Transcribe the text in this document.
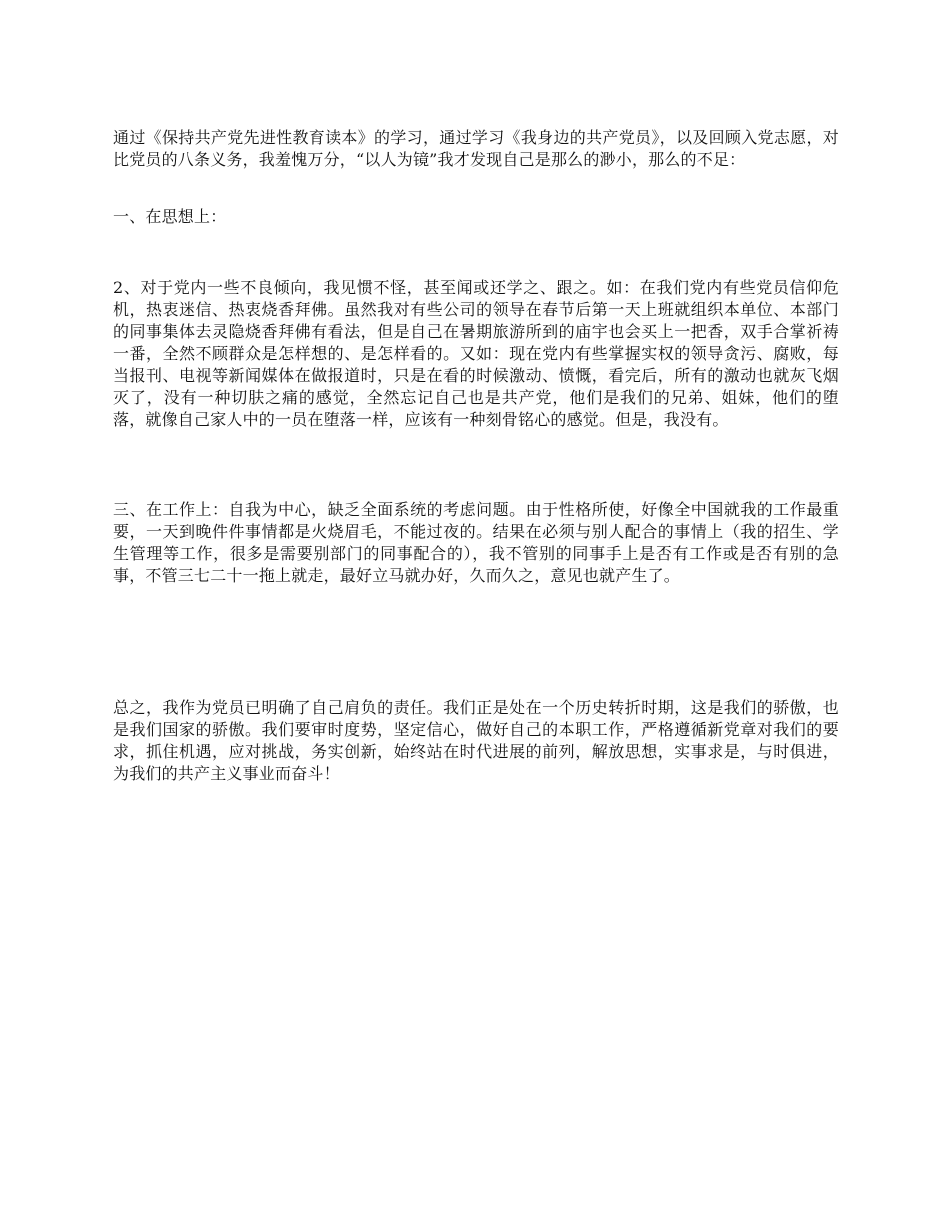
通过《保持共产党先进性教育读本》的学习，通过学习《我身边的共产党员》，以及回顾入党志愿，对比党员的八条义务，我羞愧万分，“以人为镜”我才发现自己是那么的渺小，那么的不足：

一、在思想上：

2、对于党内一些不良倾向，我见惯不怪，甚至闻或还学之、跟之。如：在我们党内有些党员信仰危机，热衷迷信、热衷烧香拜佛。虽然我对有些公司的领导在春节后第一天上班就组织本单位、本部门的同事集体去灵隐烧香拜佛有看法，但是自己在暑期旅游所到的庙宇也会买上一把香，双手合掌祈祷一番，全然不顾群众是怎样想的、是怎样看的。又如：现在党内有些掌握实权的领导贪污、腐败，每当报刊、电视等新闻媒体在做报道时，只是在看的时候激动、愤慨，看完后，所有的激动也就灰飞烟灭了，没有一种切肤之痛的感觉，全然忘记自己也是共产党，他们是我们的兄弟、姐妹，他们的堕落，就像自己家人中的一员在堕落一样，应该有一种刻骨铭心的感觉。但是，我没有。

三、在工作上：自我为中心，缺乏全面系统的考虑问题。由于性格所使，好像全中国就我的工作最重要，一天到晚件件事情都是火烧眉毛，不能过夜的。结果在必须与别人配合的事情上（我的招生、学生管理等工作，很多是需要别部门的同事配合的），我不管别的同事手上是否有工作或是否有别的急事，不管三七二十一拖上就走，最好立马就办好，久而久之，意见也就产生了。

总之，我作为党员已明确了自己肩负的责任。我们正是处在一个历史转折时期，这是我们的骄傲，也是我们国家的骄傲。我们要审时度势，坚定信心，做好自己的本职工作，严格遵循新党章对我们的要求，抓住机遇，应对挑战，务实创新，始终站在时代进展的前列，解放思想，实事求是，与时俱进，为我们的共产主义事业而奋斗！
